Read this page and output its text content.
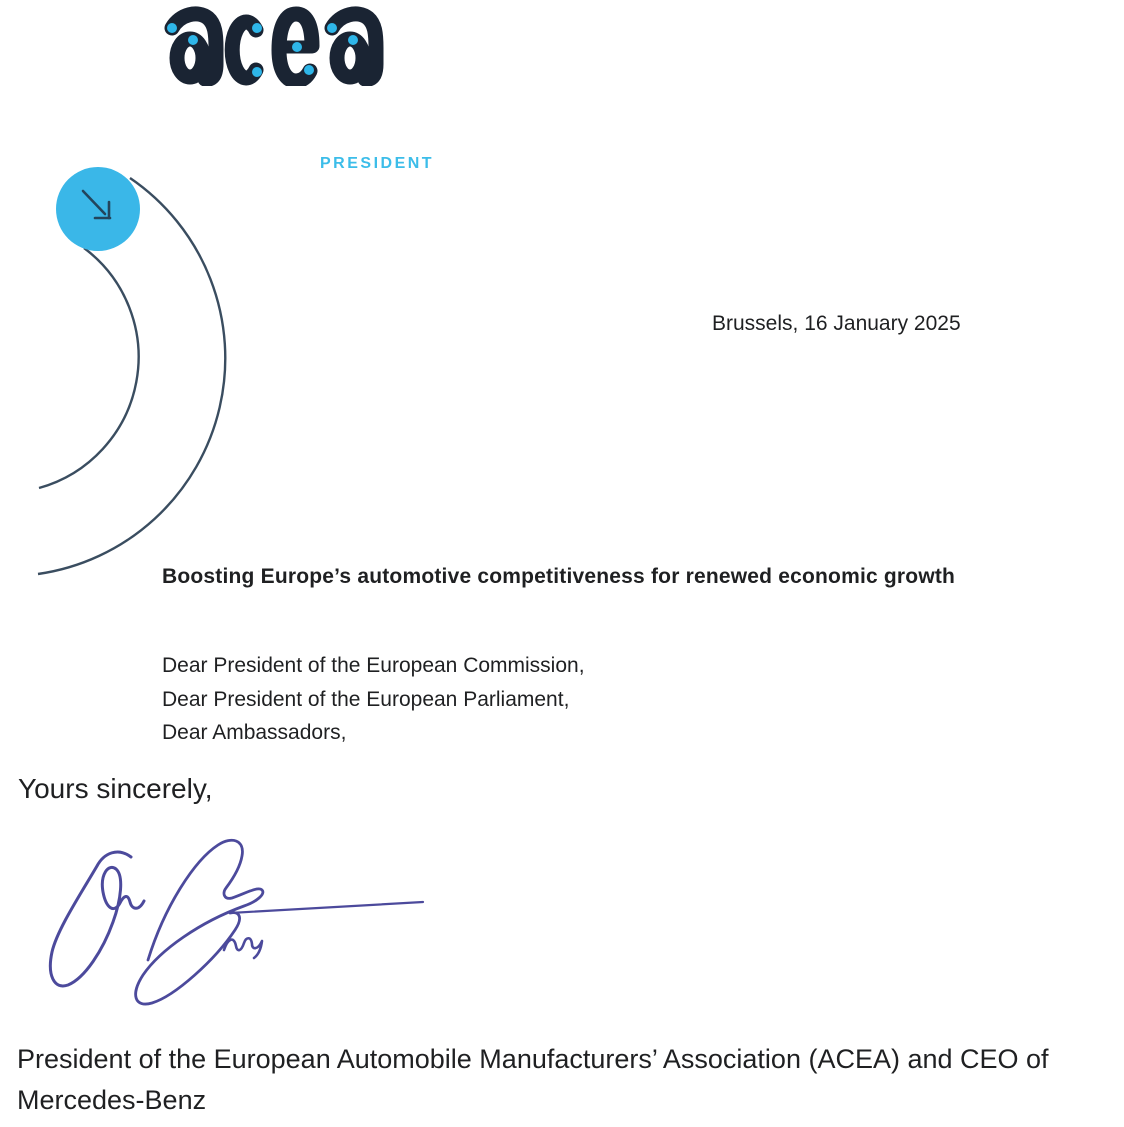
PRESIDENT
Brussels, 16 January 2025
Boosting Europe’s automotive competitiveness for renewed economic growth
Dear President of the European Commission,
Dear President of the European Parliament,
Dear Ambassadors,
Yours sincerely,
President of the European Automobile Manufacturers’ Association (ACEA) and CEO of
Mercedes-Benz
